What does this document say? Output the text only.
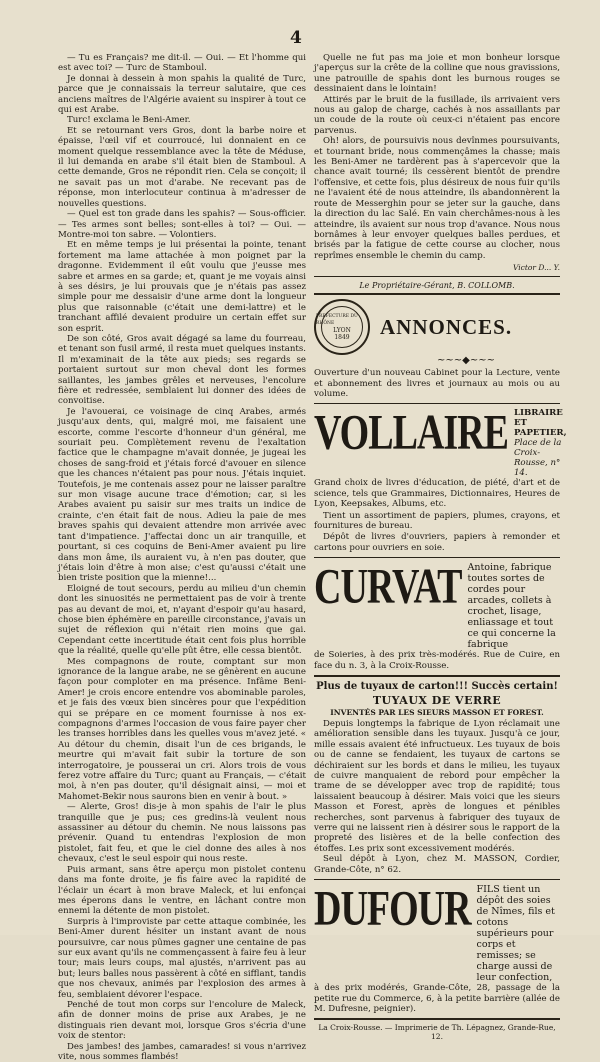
4

— Tu es Français? me dit-il. — Oui. — Et l'homme qui est avec toi? — Turc de Stamboul.

Je donnai à dessein à mon spahis la qualité de Turc, parce que je connaissais la terreur salutaire, que ces anciens maîtres de l'Algérie avaient su inspirer à tout ce qui est Arabe.

Turc! exclama le Beni-Amer.

Et se retournant vers Gros, dont la barbe noire et épaisse, l'œil vif et courroucé, lui donnaient en ce moment quelque ressemblance avec la tête de Méduse, il lui demanda en arabe s'il était bien de Stamboul. A cette demande, Gros ne répondit rien. Cela se conçoit; il ne savait pas un mot d'arabe. Ne recevant pas de réponse, mon interlocuteur continua à m'adresser de nouvelles questions.

— Quel est ton grade dans les spahis? — Sous-officier. — Tes armes sont belles; sont-elles à toi? — Oui. — Montre-moi ton sabre. — Volontiers.

Et en même temps je lui présentai la pointe, tenant fortement ma lame attachée à mon poignet par la dragonne. Evidemment il eût voulu que j'eusse mes sabre et armes en sa garde; et, quant je me voyais ainsi à ses désirs, je lui prouvais que je n'étais pas assez simple pour me dessaisir d'une arme dont la longueur plus que raisonnable (c'était une demi-lattre) et le tranchant affilé devaient produire un certain effet sur son esprit.

De son côté, Gros avait dégagé sa lame du fourreau, et tenant son fusil armé, il resta muet quelques instants. Il m'examinait de la tête aux pieds; ses regards se portaient surtout sur mon cheval dont les formes saillantes, les jambes grêles et nerveuses, l'encolure fière et redressée, semblaient lui donner des idées de convoitise.

Je l'avouerai, ce voisinage de cinq Arabes, armés jusqu'aux dents, qui, malgré moi, me faisaient une escorte, comme l'escorte d'honneur d'un général, me souriait peu. Complètement revenu de l'exaltation factice que le champagne m'avait donnée, je jugeai les choses de sang-froid et j'étais forcé d'avouer en silence que les chances n'étaient pas pour nous. J'étais inquiet. Toutefois, je me contenais assez pour ne laisser paraître sur mon visage aucune trace d'émotion; car, si les Arabes avaient pu saisir sur mes traits un indice de crainte, c'en était fait de nous. Adieu la paie de mes braves spahis qui devaient attendre mon arrivée avec tant d'impatience. J'affectai donc un air tranquille, et pourtant, si ces coquins de Beni-Amer avaient pu lire dans mon âme, ils auraient vu, à n'en pas douter, que j'étais loin d'être à mon aise; c'est qu'aussi c'était une bien triste position que la mienne!...

Eloigné de tout secours, perdu au milieu d'un chemin dont les sinuosités ne permettaient pas de voir à trente pas au devant de moi, et, n'ayant d'espoir qu'au hasard, chose bien éphémère en pareille circonstance, j'avais un sujet de réflexion qui n'était rien moins que gai. Cependant cette incertitude était cent fois plus horrible que la réalité, quelle qu'elle pût être, elle cessa bientôt.

Mes compagnons de route, comptant sur mon ignorance de la langue arabe, ne se gênèrent en aucune façon pour comploter en ma présence. Infâme Beni-Amer! je crois encore entendre vos abominable paroles, et je fais des vœux bien sincères pour que l'expédition qui se prépare en ce moment fournisse à nos ex-compagnons d'armes l'occasion de vous faire payer cher les transes horribles dans les quelles vous m'avez jeté. « Au détour du chemin, disait l'un de ces brigands, le meurtre qui m'avait fait subir la torture de son interrogatoire, je pousserai un cri. Alors trois de vous ferez votre affaire du Turc; quant au Français, — c'était moi, à n'en pas douter, qu'il désignait ainsi, — moi et Mahomet-Bekir nous saurons bien en venir à bout. »

— Alerte, Gros! dis-je à mon spahis de l'air le plus tranquille que je pus; ces gredins-là veulent nous assassiner au détour du chemin. Ne nous laissons pas prévenir. Quand tu entendras l'explosion de mon pistolet, fait feu, et que le ciel donne des ailes à nos chevaux, c'est le seul espoir qui nous reste.

Puis armant, sans être aperçu mon pistolet contenu dans ma fonte droite, je fis faire avec la rapidité de l'éclair un écart à mon brave Maleck, et lui enfonçai mes éperons dans le ventre, en lâchant contre mon ennemi la détente de mon pistolet.

Surpris à l'improviste par cette attaque combinée, les Beni-Amer durent hésiter un instant avant de nous poursuivre, car nous pûmes gagner une centaine de pas sur eux avant qu'ils ne commençassent à faire feu à leur tour; mais leurs coups, mal ajustés, n'arrivent pas au but; leurs balles nous passèrent à côté en sifflant, tandis que nos chevaux, animés par l'explosion des armes à feu, semblaient dévorer l'espace.

Penché de tout mon corps sur l'encolure de Maleck, afin de donner moins de prise aux Arabes, je ne distinguais rien devant moi, lorsque Gros s'écria d'une voix de stentor:

Des jambes! des jambes, camarades! si vous n'arrivez vite, nous sommes flambés!

Quelle ne fut pas ma joie et mon bonheur lorsque j'aperçus sur la crête de la colline que nous gravissions, une patrouille de spahis dont les burnous rouges se dessinaient dans le lointain!

Attirés par le bruit de la fusillade, ils arrivaient vers nous au galop de charge, cachés à nos assaillants par un coude de la route où ceux-ci n'étaient pas encore parvenus.

Oh! alors, de poursuivis nous devînmes poursuivants, et tournant bride, nous commençâmes la chasse; mais les Beni-Amer ne tardèrent pas à s'apercevoir que la chance avait tourné; ils cessèrent bientôt de prendre l'offensive, et cette fois, plus désireux de nous fuir qu'ils ne l'avaient été de nous atteindre, ils abandonnèrent la route de Messerghin pour se jeter sur la gauche, dans la direction du lac Salé. En vain cherchâmes-nous à les atteindre, ils avaient sur nous trop d'avance. Nous nous bornâmes à leur envoyer quelques balles perdues, et brisés par la fatigue de cette course au clocher, nous reprîmes ensemble le chemin du camp.

Victor D... Y.
Le Propriétaire-Gérant, B. COLLOMB.
PREFECTURE DU RHÔNE
LYON
1849 ANNONCES.
~~~◆~~~

Ouverture d'un nouveau Cabinet pour la Lecture, vente et abonnement des livres et journaux au mois ou au volume.

VOLLAIRE LIBRAIRE ET PAPETIER,
Place de la Croix-Rousse, n° 14.

Grand choix de livres d'éducation, de piété, d'art et de science, tels que Grammaires, Dictionnaires, Heures de Lyon, Keepsakes, Albums, etc.

Tient un assortiment de papiers, plumes, crayons, et fournitures de bureau.

Dépôt de livres d'ouvriers, papiers à remonder et cartons pour ouvriers en soie.

CURVAT Antoine, fabrique toutes sortes de cordes pour arcades, collets à crochet, lisage, enliassage et tout ce qui concerne la fabrique

de Soieries, à des prix très-modérés. Rue de Cuire, en face du n. 3, à la Croix-Rousse.

Plus de tuyaux de carton!!! Succès certain!
TUYAUX DE VERRE
INVENTÉS PAR LES SIEURS MASSON ET FOREST.

Depuis longtemps la fabrique de Lyon réclamait une amélioration sensible dans les tuyaux. Jusqu'à ce jour, mille essais avaient été infructueux. Les tuyaux de bois ou de canne se fendaient, les tuyaux de cartons se déchiraient sur les bords et dans le milieu, les tuyaux de cuivre manquaient de rebord pour empêcher la trame de se développer avec trop de rapidité; tous laissaient beaucoup à désirer. Mais voici que les sieurs Masson et Forest, après de longues et pénibles recherches, sont parvenus à fabriquer des tuyaux de verre qui ne laissent rien à désirer sous le rapport de la propreté des lisières et de la belle confection des étoffes. Les prix sont excessivement modérés.

Seul dépôt à Lyon, chez M. MASSON, Cordier, Grande-Côte, n° 62.

DUFOUR FILS tient un dépôt des soies de Nîmes, fils et cotons supérieurs pour corps et remisses; se charge aussi de leur confection,

à des prix modérés, Grande-Côte, 28, passage de la petite rue du Commerce, 6, à la petite barrière (allée de M. Dufresne, peignier).

La Croix-Rousse. — Imprimerie de Th. Lépagnez, Grande-Rue, 12.
